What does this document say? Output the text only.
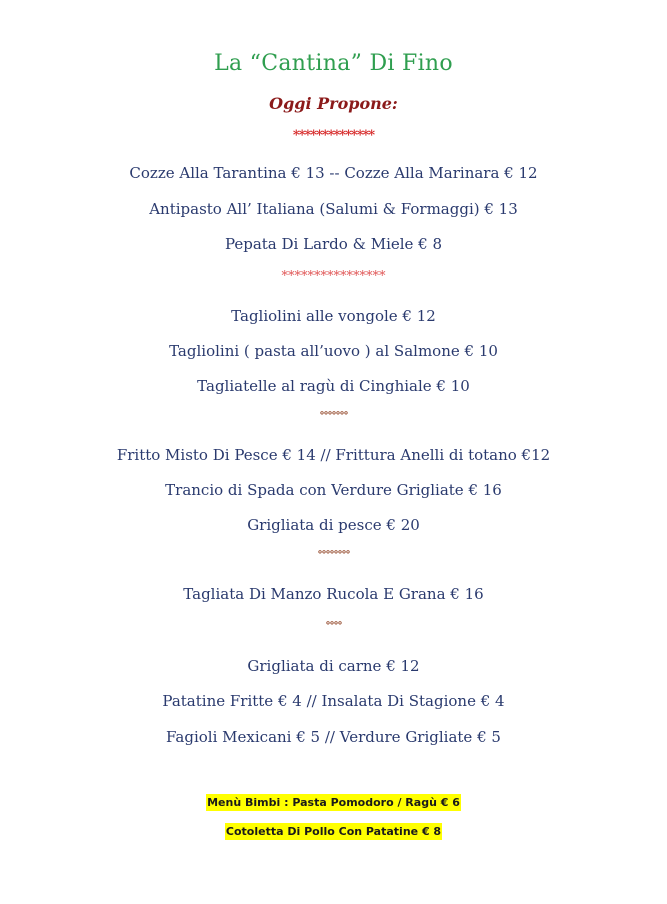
La “Cantina” Di Fino
Oggi Propone:
**************
Cozze Alla Tarantina € 13 -- Cozze Alla Marinara € 12
Antipasto All’ Italiana (Salumi & Formaggi) € 13
Pepata Di Lardo & Miele € 8
****************
Tagliolini alle vongole € 12
Tagliolini ( pasta all’uovo ) al Salmone € 10
Tagliatelle al ragù di Cinghiale € 10
°°°°°°°
Fritto Misto Di Pesce € 14 // Frittura Anelli di totano €12
Trancio di Spada con Verdure Grigliate € 16
Grigliata di pesce € 20
°°°°°°°°
Tagliata Di Manzo Rucola E Grana € 16
°°°°
Grigliata di carne € 12
Patatine Fritte € 4 // Insalata Di Stagione € 4
Fagioli Mexicani € 5 // Verdure Grigliate € 5
Menù Bimbi : Pasta Pomodoro / Ragù € 6
Cotoletta Di Pollo Con Patatine € 8
